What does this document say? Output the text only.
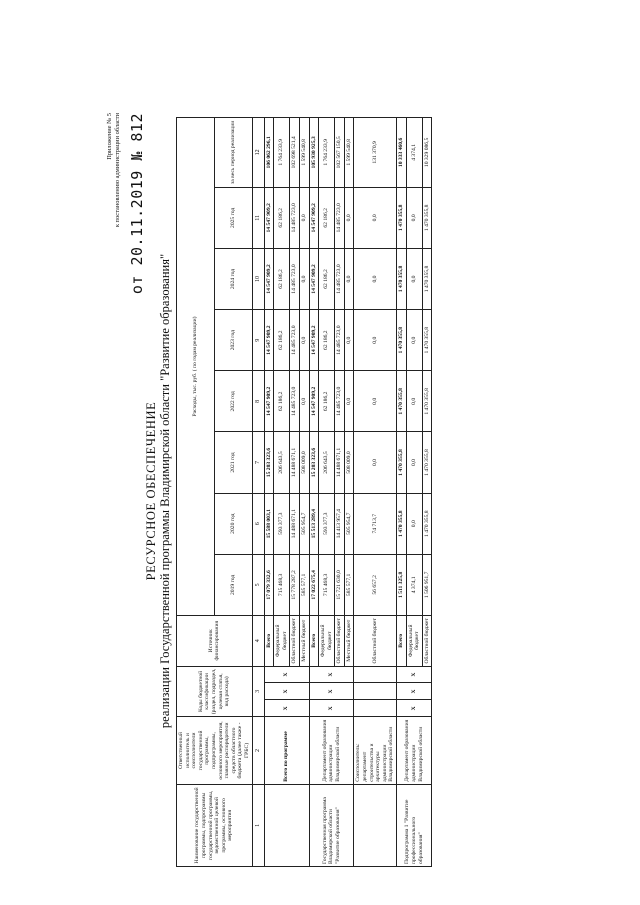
Приложение № 5 к постановлению администрации области от 20.11.2019 № 812
РЕСУРСНОЕ ОБЕСПЕЧЕНИЕ реализации Государственной программы Владимирской области "Развитие образования"
Наименование государственной программы, подпрограммы государственной программы, ведомственной целевой программы, основного мероприятия	Ответственный исполнитель и соисполнители государственной программы, подпрограммы, основного мероприятия, главные распорядители средств областного бюджета (далее также - ГРБС)	Коды бюджетной классификации (раздел, подраздел, целевая статья, вид расхода)			Источник финансирования	Расходы, тыс. руб. ( по годам реализации)							
						2019 год	2020 год	2021 год	2022 год	2023 год	2024 год	2025 год	за весь период реализации
1	2	3			4	5	6	7	8	9	10	11	12
	Всего по программе	X	X	X	Всего	17 079 332,6	15 588 003,1	15 203 323,6	14 547 909,2	14 547 909,2	14 547 909,2	14 547 909,2	106 062 296,1
					Федеральный бюджет	715 468,3	593 377,3	206 643,5	62 186,2	62 186,2	62 186,2	62 186,2	1 764 233,9
					Областной бюджет	15 778 287,2	14 488 671,1	14 488 671,1	14 485 723,0	14 485 723,0	14 485 723,0	14 485 723,0	102 698 521,4
					Местный бюджет	585 577,1	505 954,7	508 009,0	0,0	0,0	0,0	0,0	1 599 540,8
Государственная программа Владимирской области "Развитие образования"	Департамент образования администрации Владимирской области	X	X	X	Всего	17 022 675,4	15 513 289,4	15 203 323,6	14 547 909,2	14 547 909,2	14 547 909,2	14 547 909,2	105 930 925,3
					Федеральный бюджет	715 468,3	593 377,3	206 643,5	62 186,2	62 186,2	62 186,2	62 186,2	1 764 233,9
					Областной бюджет	15 721 630,0	14 413 957,4	14 488 671,1	14 485 723,0	14 485 723,0	14 485 723,0	14 485 723,0	102 567 150,5
					Местный бюджет	585 577,1	505 954,7	508 009,0	0,0	0,0	0,0	0,0	1 599 540,8
	Соисполнитель: департамент строительства и архитектуры администрации Владимирской области				Областной бюджет	56 657,2	74 713,7	0,0	0,0	0,0	0,0	0,0	131 370,9
Подпрограмма 1 "Развитие профессионального образования"	Департамент образования администрации Владимирской области	X	X	X	Всего	1 511 325,8	1 470 355,8	1 470 355,8	1 470 355,8	1 470 355,8	1 470 355,8	1 470 355,8	10 333 460,6
					Федеральный бюджет	4 374,1	0,0	0,0	0,0	0,0	0,0	0,0	4 374,1
					Областной бюджет	1 506 951,7	1 470 355,8	1 470 355,8	1 470 355,8	1 470 355,8	1 470 355,8	1 470 355,8	10 329 086,5
